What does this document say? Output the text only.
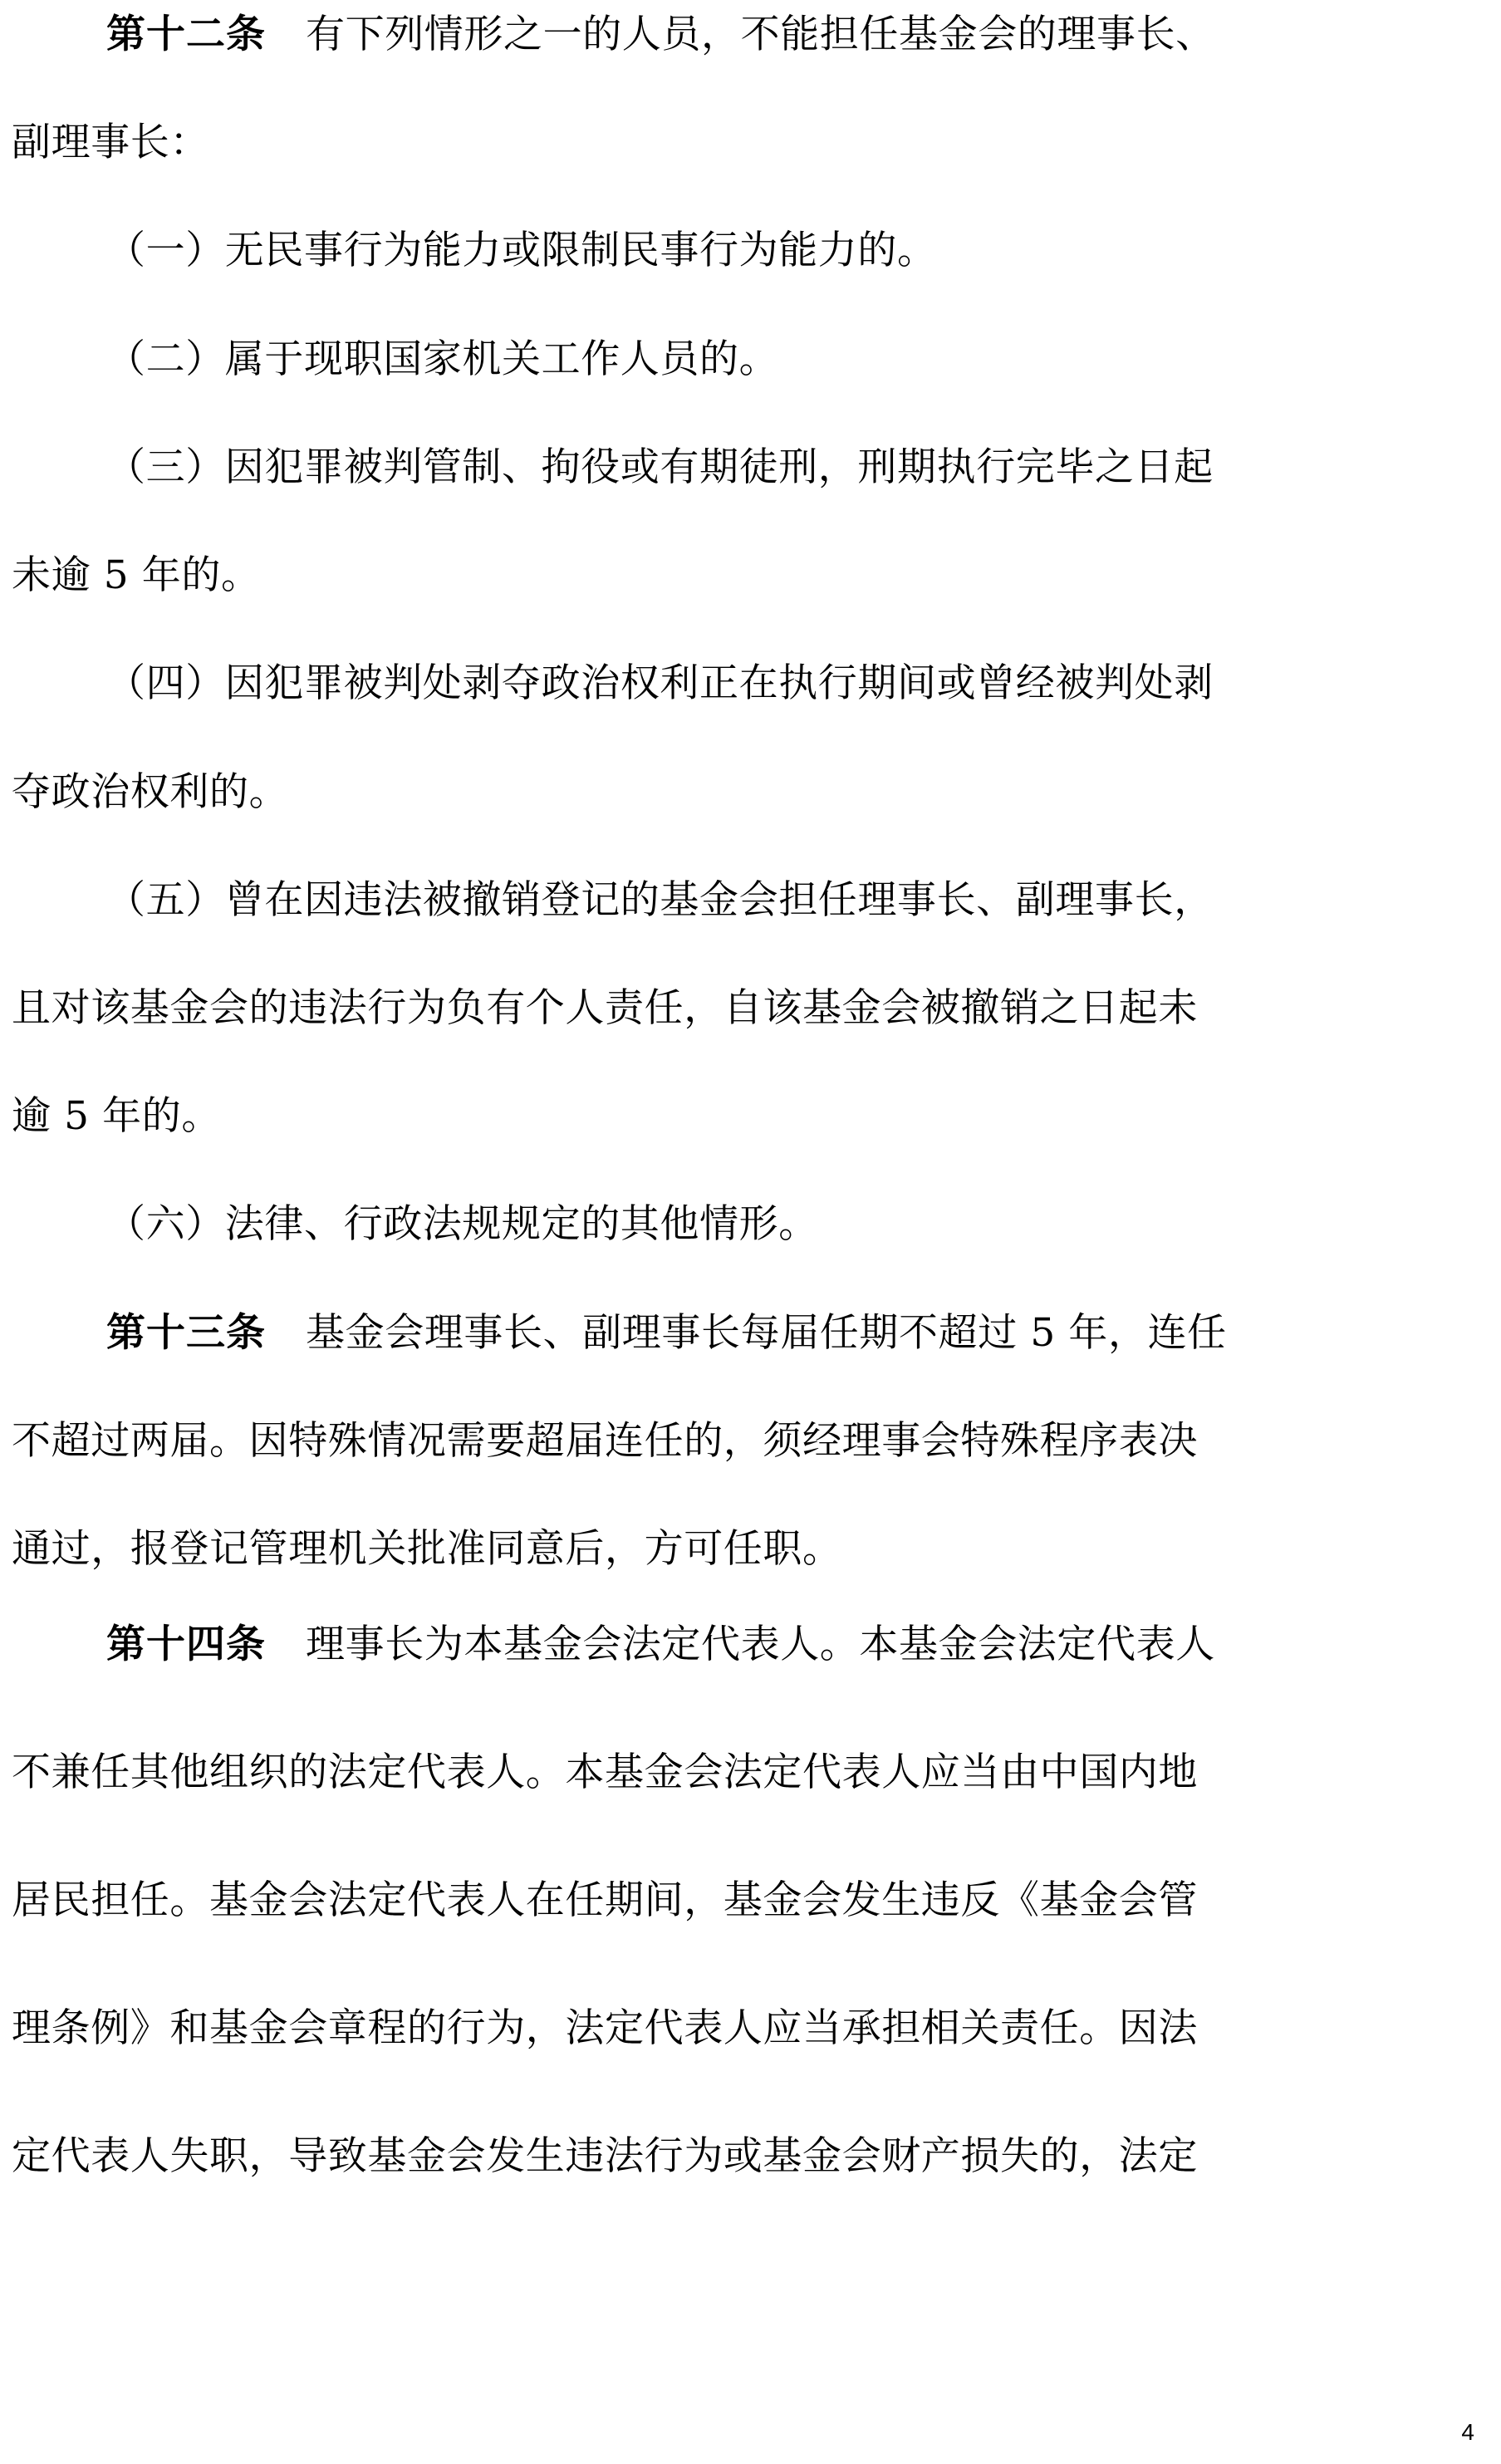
第十二条 有下列情形之一的人员，不能担任基金会的理事长、
副理事长：
（一）无民事行为能力或限制民事行为能力的。
（二）属于现职国家机关工作人员的。
（三）因犯罪被判管制、拘役或有期徒刑，刑期执行完毕之日起
未逾 5 年的。
（四）因犯罪被判处剥夺政治权利正在执行期间或曾经被判处剥
夺政治权利的。
（五）曾在因违法被撤销登记的基金会担任理事长、副理事长，
且对该基金会的违法行为负有个人责任，自该基金会被撤销之日起未
逾 5 年的。
（六）法律、行政法规规定的其他情形。
第十三条 基金会理事长、副理事长每届任期不超过 5 年，连任
不超过两届。因特殊情况需要超届连任的，须经理事会特殊程序表决
通过，报登记管理机关批准同意后，方可任职。
第十四条 理事长为本基金会法定代表人。本基金会法定代表人
不兼任其他组织的法定代表人。本基金会法定代表人应当由中国内地
居民担任。基金会法定代表人在任期间，基金会发生违反《基金会管
理条例》和基金会章程的行为，法定代表人应当承担相关责任。因法
定代表人失职，导致基金会发生违法行为或基金会财产损失的，法定
4
